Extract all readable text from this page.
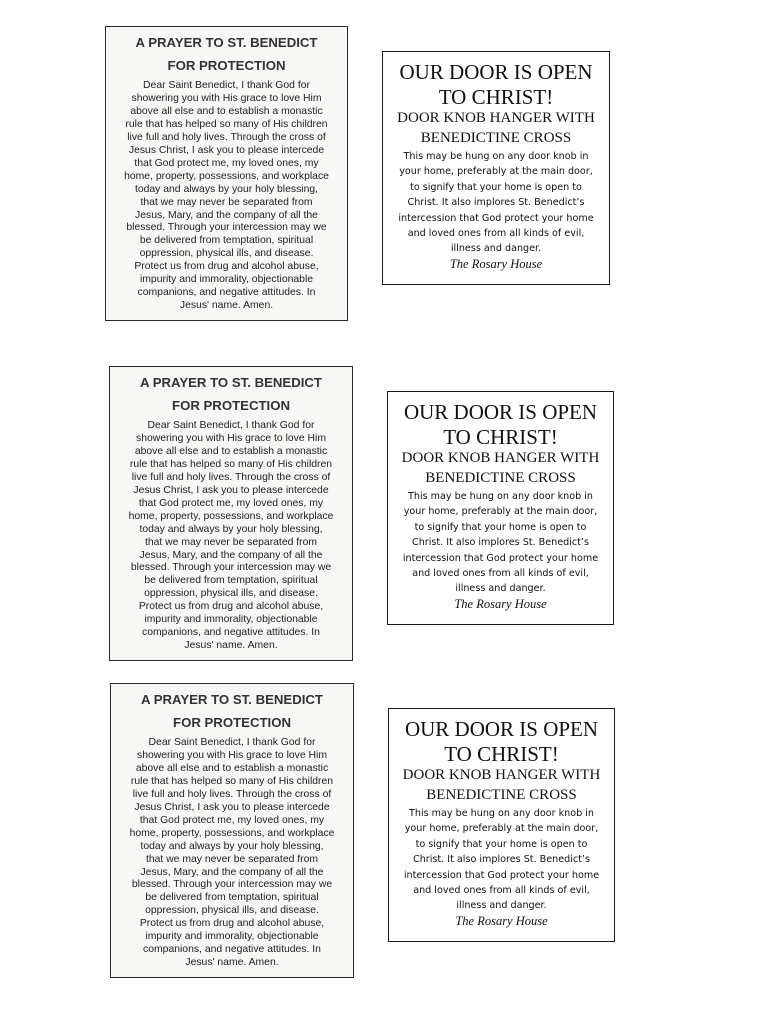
A PRAYER TO ST. BENEDICT
FOR PROTECTION
Dear Saint Benedict, I thank God for
showering you with His grace to love Him
above all else and to establish a monastic
rule that has helped so many of His children
live full and holy lives. Through the cross of
Jesus Christ, I ask you to please intercede
that God protect me, my loved ones, my
home, property, possessions, and workplace
today and always by your holy blessing,
that we may never be separated from
Jesus, Mary, and the company of all the
blessed. Through your intercession may we
be delivered from temptation, spiritual
oppression, physical ills, and disease.
Protect us from drug and alcohol abuse,
impurity and immorality, objectionable
companions, and negative attitudes. In
Jesus' name. Amen.
OUR DOOR IS OPEN
TO CHRIST!
DOOR KNOB HANGER WITH
BENEDICTINE CROSS
This may be hung on any door knob in
your home, preferably at the main door,
to signify that your home is open to
Christ. It also implores St. Benedict’s
intercession that God protect your home
and loved ones from all kinds of evil,
illness and danger.
The Rosary House
A PRAYER TO ST. BENEDICT
FOR PROTECTION
Dear Saint Benedict, I thank God for
showering you with His grace to love Him
above all else and to establish a monastic
rule that has helped so many of His children
live full and holy lives. Through the cross of
Jesus Christ, I ask you to please intercede
that God protect me, my loved ones, my
home, property, possessions, and workplace
today and always by your holy blessing,
that we may never be separated from
Jesus, Mary, and the company of all the
blessed. Through your intercession may we
be delivered from temptation, spiritual
oppression, physical ills, and disease.
Protect us from drug and alcohol abuse,
impurity and immorality, objectionable
companions, and negative attitudes. In
Jesus' name. Amen.
OUR DOOR IS OPEN
TO CHRIST!
DOOR KNOB HANGER WITH
BENEDICTINE CROSS
This may be hung on any door knob in
your home, preferably at the main door,
to signify that your home is open to
Christ. It also implores St. Benedict’s
intercession that God protect your home
and loved ones from all kinds of evil,
illness and danger.
The Rosary House
A PRAYER TO ST. BENEDICT
FOR PROTECTION
Dear Saint Benedict, I thank God for
showering you with His grace to love Him
above all else and to establish a monastic
rule that has helped so many of His children
live full and holy lives. Through the cross of
Jesus Christ, I ask you to please intercede
that God protect me, my loved ones, my
home, property, possessions, and workplace
today and always by your holy blessing,
that we may never be separated from
Jesus, Mary, and the company of all the
blessed. Through your intercession may we
be delivered from temptation, spiritual
oppression, physical ills, and disease.
Protect us from drug and alcohol abuse,
impurity and immorality, objectionable
companions, and negative attitudes. In
Jesus' name. Amen.
OUR DOOR IS OPEN
TO CHRIST!
DOOR KNOB HANGER WITH
BENEDICTINE CROSS
This may be hung on any door knob in
your home, preferably at the main door,
to signify that your home is open to
Christ. It also implores St. Benedict’s
intercession that God protect your home
and loved ones from all kinds of evil,
illness and danger.
The Rosary House
